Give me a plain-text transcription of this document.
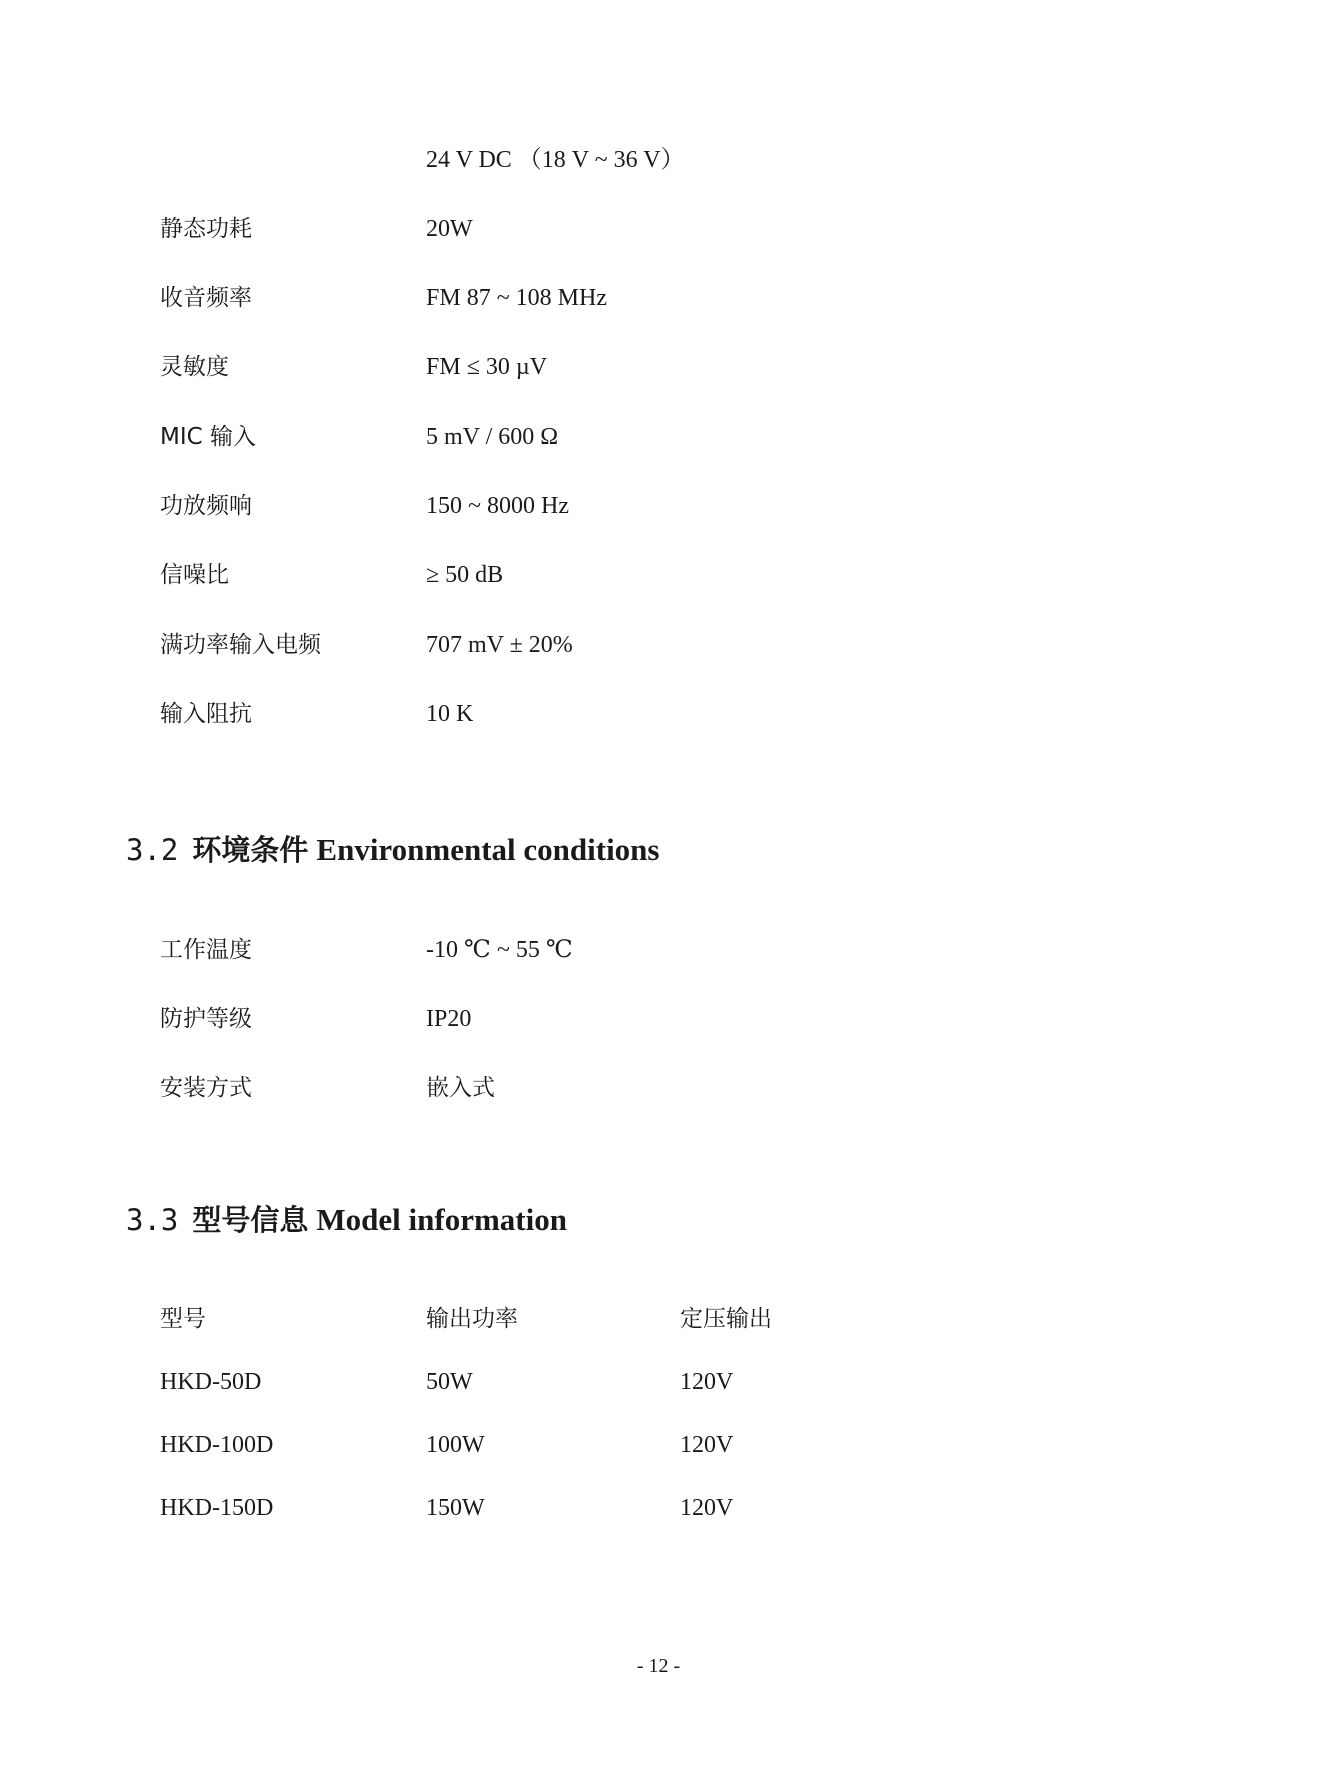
24 V DC （18 V ~ 36 V）
静态功耗	20W
收音频率	FM 87 ~ 108 MHz
灵敏度	FM ≤ 30 µV
MIC 输入	5 mV / 600 Ω
功放频响	150 ~ 8000 Hz
信噪比	≥ 50 dB
满功率输入电频	707 mV ± 20%
输入阻抗	10 K
3.2 环境条件 Environmental conditions
工作温度	-10 ℃ ~ 55 ℃
防护等级	IP20
安装方式	嵌入式
3.3 型号信息 Model information
型号	输出功率	定压输出
HKD-50D	50W	120V
HKD-100D	100W	120V
HKD-150D	150W	120V
- 12 -
